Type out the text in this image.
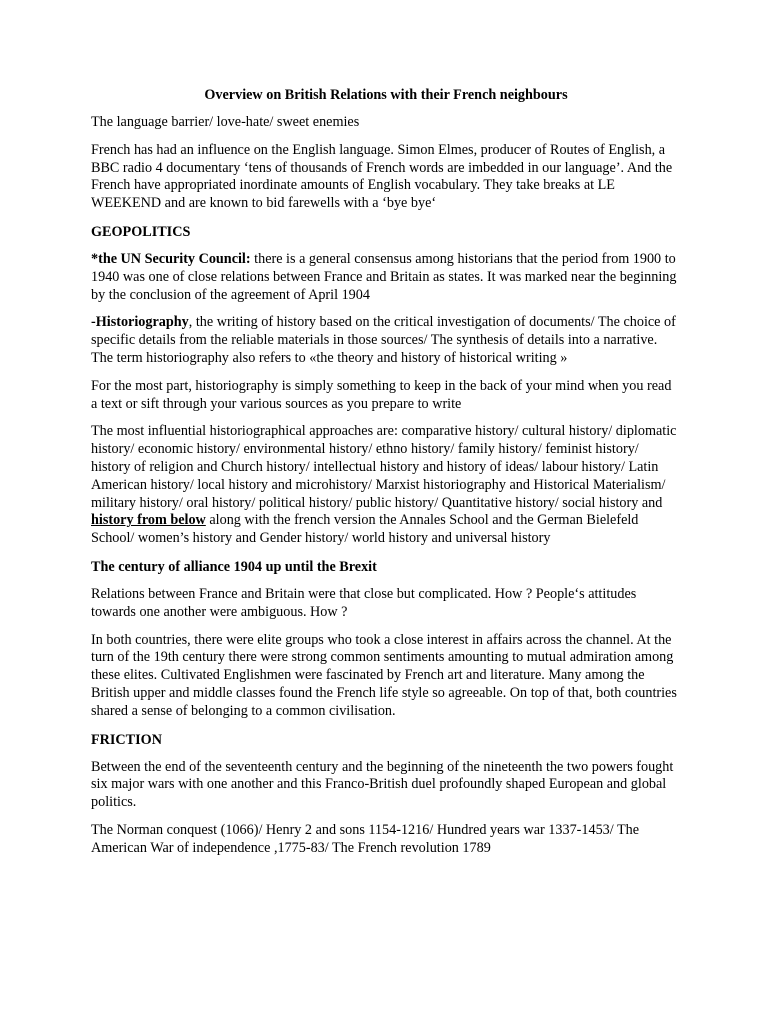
Overview on British Relations with their French neighbours

The language barrier/ love-hate/ sweet enemies

French has had an influence on the English language. Simon Elmes, producer of Routes of English, a BBC radio 4 documentary ‘tens of thousands of French words are imbedded in our language’. And the French have appropriated inordinate amounts of English vocabulary. They take breaks at LE WEEKEND and are known to bid farewells with a ‘bye bye‘

GEOPOLITICS

*the UN Security Council: there is a general consensus among historians that the period from 1900 to 1940 was one of close relations between France and Britain as states. It was marked near the beginning by the conclusion of the agreement of April 1904

-Historiography, the writing of history based on the critical investigation of documents/ The choice of specific details from the reliable materials in those sources/ The synthesis of details into a narrative. The term historiography also refers to «the theory and history of historical writing »

For the most part, historiography is simply something to keep in the back of your mind when you read a text or sift through your various sources as you prepare to write

The most influential historiographical approaches are: comparative history/ cultural history/ diplomatic history/ economic history/ environmental history/ ethno history/ family history/ feminist history/ history of religion and Church history/ intellectual history and history of ideas/ labour history/ Latin American history/ local history and microhistory/ Marxist historiography and Historical Materialism/ military history/ oral history/ political history/ public history/ Quantitative history/ social history and history from below along with the french version the Annales School and the German Bielefeld School/ women’s history and Gender history/ world history and universal history

The century of alliance 1904 up until the Brexit

Relations between France and Britain were that close but complicated. How ? People‘s attitudes towards one another were ambiguous. How ?

In both countries, there were elite groups who took a close interest in affairs across the channel. At the turn of the 19th century there were strong common sentiments amounting to mutual admiration among these elites. Cultivated Englishmen were fascinated by French art and literature. Many among the British upper and middle classes found the French life style so agreeable. On top of that, both countries shared a sense of belonging to a common civilisation.

FRICTION

Between the end of the seventeenth century and the beginning of the nineteenth the two powers fought six major wars with one another and this Franco-British duel profoundly shaped European and global politics.

The Norman conquest (1066)/ Henry 2 and sons 1154-1216/ Hundred years war 1337-1453/ The American War of independence ,1775-83/ The French revolution 1789
